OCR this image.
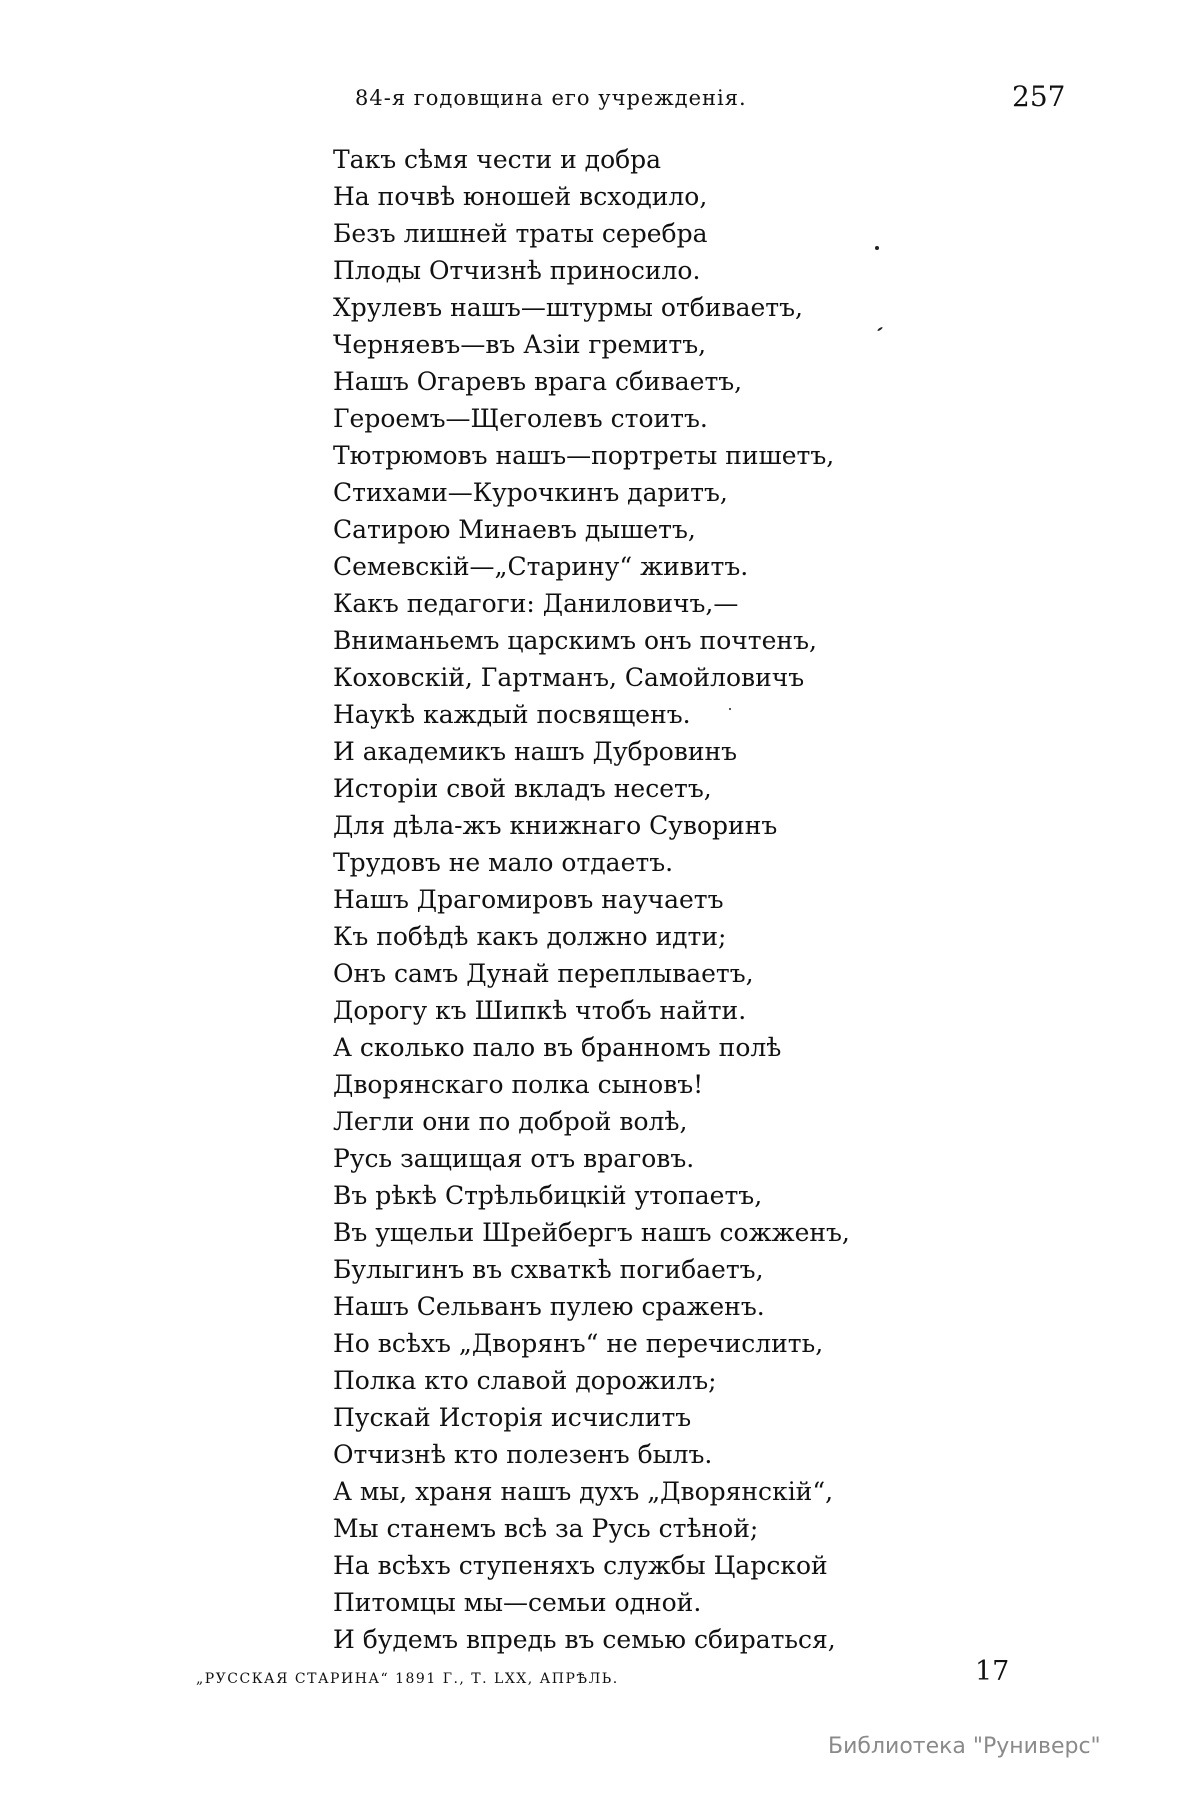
84-я годовщина его учрежденія.	257
Такъ сѣмя чести и добра
На почвѣ юношей всходило,
Безъ лишней траты серебра
Плоды Отчизнѣ приносило.
Хрулевъ нашъ—штурмы отбиваетъ,
Черняевъ—въ Азіи гремитъ,
Нашъ Огаревъ врага сбиваетъ,
Героемъ—Щеголевъ стоитъ.
Тютрюмовъ нашъ—портреты пишетъ,
Стихами—Курочкинъ даритъ,
Сатирою Минаевъ дышетъ,
Семевскій—„Старину“ живитъ.
Какъ педагоги: Даниловичъ,—
Вниманьемъ царскимъ онъ почтенъ,
Коховскій, Гартманъ, Самойловичъ
Наукѣ каждый посвященъ.
И академикъ нашъ Дубровинъ
Исторіи свой вкладъ несетъ,
Для дѣла-жъ книжнаго Суворинъ
Трудовъ не мало отдаетъ.
Нашъ Драгомировъ научаетъ
Къ побѣдѣ какъ должно идти;
Онъ самъ Дунай переплываетъ,
Дорогу къ Шипкѣ чтобъ найти.
А сколько пало въ бранномъ полѣ
Дворянскаго полка сыновъ!
Легли они по доброй волѣ,
Русь защищая отъ враговъ.
Въ рѣкѣ Стрѣльбицкій утопаетъ,
Въ ущельи Шрейбергъ нашъ сожженъ,
Булыгинъ въ схваткѣ погибаетъ,
Нашъ Сельванъ пулею сраженъ.
Но всѣхъ „Дворянъ“ не перечислить,
Полка кто славой дорожилъ;
Пускай Исторія исчислитъ
Отчизнѣ кто полезенъ былъ.
А мы, храня нашъ духъ „Дворянскій“,
Мы станемъ всѣ за Русь стѣной;
На всѣхъ ступеняхъ службы Царской
Питомцы мы—семьи одной.
И будемъ впредь въ семью сбираться,
„РУССКАЯ СТАРИНА“ 1891 Г., Т. LXX, АПРѢЛЬ.	17
Библиотека "Руниверс"
